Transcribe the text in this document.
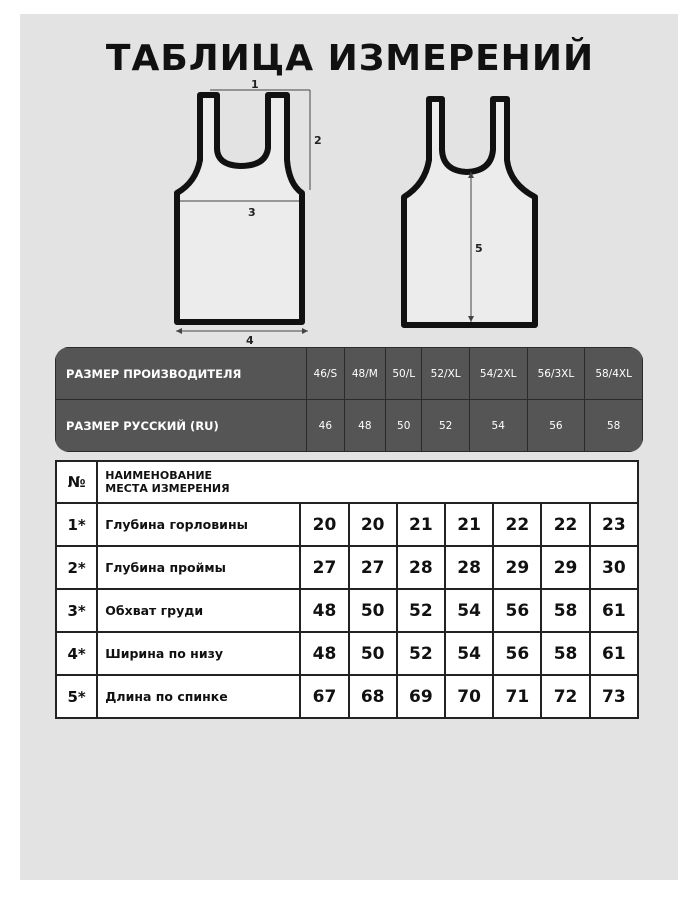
ТАБЛИЦА ИЗМЕРЕНИЙ
1
2
3
4
5
РАЗМЕР ПРОИЗВОДИТЕЛЯ	46/S	48/M	50/L	52/XL	54/2XL	56/3XL	58/4XL
РАЗМЕР РУССКИЙ (RU)	46	48	50	52	54	56	58
№	НАИМЕНОВАНИЕ
МЕСТА ИЗМЕРЕНИЯ							

1*	Глубина горловины	20	20	21	21	22	22	23
2*	Глубина проймы	27	27	28	28	29	29	30
3*	Обхват груди	48	50	52	54	56	58	61
4*	Ширина по низу	48	50	52	54	56	58	61
5*	Длина по спинке	67	68	69	70	71	72	73
